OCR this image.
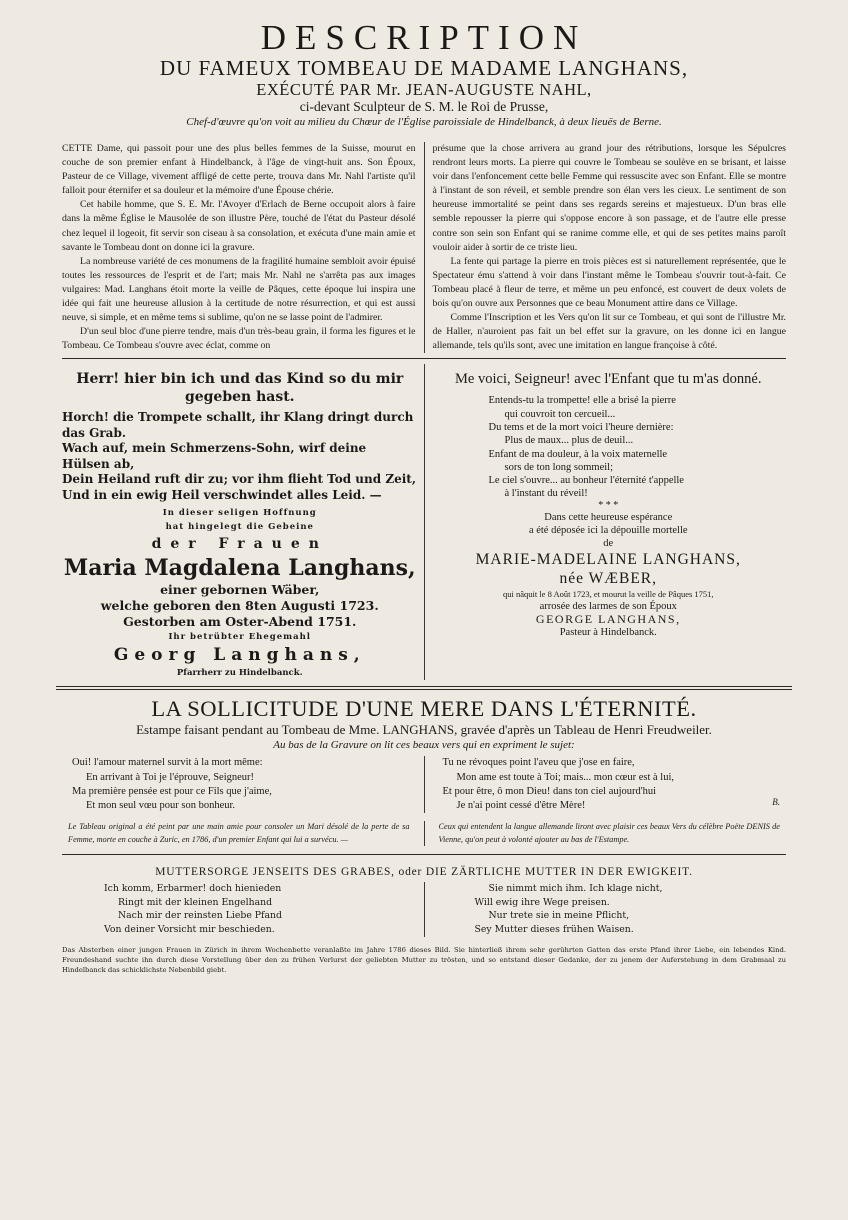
DESCRIPTION
DU FAMEUX TOMBEAU DE MADAME LANGHANS,
EXÉCUTÉ PAR Mr. JEAN-AUGUSTE NAHL,
ci-devant Sculpteur de S. M. le Roi de Prusse,
Chef-d'œuvre qu'on voit au milieu du Chœur de l'Église paroissiale de Hindelbanck, à deux lieuës de Berne.

CETTE Dame, qui passoit pour une des plus belles femmes de la Suisse, mourut en couche de son premier enfant à Hindelbanck, à l'âge de vingt-huit ans. Son Époux, Pasteur de ce Village, vivement affligé de cette perte, trouva dans Mr. Nahl l'artiste qu'il falloit pour éternifer et sa douleur et la mémoire d'une Épouse chérie.

Cet habile homme, que S. E. Mr. l'Avoyer d'Erlach de Berne occupoit alors à faire dans la même Église le Mausolée de son illustre Père, touché de l'état du Pasteur désolé chez lequel il logeoit, fit servir son ciseau à sa consolation, et exécuta d'une main amie et savante le Tombeau dont on donne ici la gravure.

La nombreuse variété de ces monumens de la fragilité humaine sembloit avoir épuisé toutes les ressources de l'esprit et de l'art; mais Mr. Nahl ne s'arrêta pas aux images vulgaires: Mad. Langhans étoit morte la veille de Pâques, cette époque lui inspira une idée qui fait une heureuse allusion à la certitude de notre résurrection, et qui est aussi neuve, si simple, et en même tems si sublime, qu'on ne se lasse point de l'admirer.

D'un seul bloc d'une pierre tendre, mais d'un très-beau grain, il forma les figures et le Tombeau. Ce Tombeau s'ouvre avec éclat, comme on

présume que la chose arrivera au grand jour des rétributions, lorsque les Sépulcres rendront leurs morts. La pierre qui couvre le Tombeau se soulève en se brisant, et laisse voir dans l'enfoncement cette belle Femme qui ressuscite avec son Enfant. Elle se montre à l'instant de son réveil, et semble prendre son élan vers les cieux. Le sentiment de son heureuse immortalité se peint dans ses regards sereins et majestueux. D'un bras elle semble repousser la pierre qui s'oppose encore à son passage, et de l'autre elle presse contre son sein son Enfant qui se ranime comme elle, et qui de ses petites mains paroît vouloir aider à sortir de ce triste lieu.

La fente qui partage la pierre en trois pièces est si naturellement représentée, que le Spectateur ému s'attend à voir dans l'instant même le Tombeau s'ouvrir tout-à-fait. Ce Tombeau placé à fleur de terre, et même un peu enfoncé, est couvert de deux volets de bois qu'on ouvre aux Personnes que ce beau Monument attire dans ce Village.

Comme l'Inscription et les Vers qu'on lit sur ce Tombeau, et qui sont de l'illustre Mr. de Haller, n'auroient pas fait un bel effet sur la gravure, on les donne ici en langue allemande, tels qu'ils sont, avec une imitation en langue françoise à côté.

Herr! hier bin ich und das Kind so du mir gegeben hast.
Horch! die Trompete schallt, ihr Klang dringt durch das Grab.
Wach auf, mein Schmerzens-Sohn, wirf deine Hülsen ab,
Dein Heiland ruft dir zu; vor ihm flieht Tod und Zeit,
Und in ein ewig Heil verschwindet alles Leid. —
In dieser seligen Hoffnung
hat hingelegt die Gebeine
der Frauen
Maria Magdalena Langhans,
einer gebornen Wäber,
welche geboren den 8ten Augusti 1723.
Gestorben am Oster-Abend 1751.
Ihr betrübter Ehegemahl
Georg Langhans,
Pfarrherr zu Hindelbanck.
Me voici, Seigneur! avec l'Enfant que tu m'as donné.
Entends-tu la trompette! elle a brisé la pierre
qui couvroit ton cercueil...
Du tems et de la mort voici l'heure dernière:
Plus de maux... plus de deuil...
Enfant de ma douleur, à la voix maternelle
sors de ton long sommeil;
Le ciel s'ouvre... au bonheur l'éternité t'appelle
à l'instant du réveil!
* * *
Dans cette heureuse espérance
a été déposée ici la dépouille mortelle
de
MARIE-MADELAINE LANGHANS,
née WÆBER,
qui nâquit le 8 Août 1723, et mourut la veille de Pâques 1751,
arrosée des larmes de son Époux
GEORGE LANGHANS,
Pasteur à Hindelbanck.
LA SOLLICITUDE D'UNE MERE DANS L'ÉTERNITÉ.
Estampe faisant pendant au Tombeau de Mme. LANGHANS, gravée d'après un Tableau de Henri Freudweiler.
Au bas de la Gravure on lit ces beaux vers qui en expriment le sujet:
Oui! l'amour maternel survit à la mort même:
En arrivant à Toi je l'éprouve, Seigneur!
Ma première pensée est pour ce Fils que j'aime,
Et mon seul vœu pour son bonheur.
Tu ne révoques point l'aveu que j'ose en faire,
Mon ame est toute à Toi; mais... mon cœur est à lui,
Et pour être, ô mon Dieu! dans ton ciel aujourd'hui
Je n'ai point cessé d'être Mère!	B.
Le Tableau original a été peint par une main amie pour consoler un Mari désolé de la perte de sa Femme, morte en couche à Zuric, en 1786, d'un premier Enfant qui lui a survécu. —
Ceux qui entendent la langue allemande liront avec plaisir ces beaux Vers du célèbre Poëte DENIS de Vienne, qu'on peut à volonté ajouter au bas de l'Estampe.
MUTTERSORGE JENSEITS DES GRABES, oder DIE ZÄRTLICHE MUTTER IN DER EWIGKEIT.
Ich komm, Erbarmer! doch hienieden
Ringt mit der kleinen Engelhand
Nach mir der reinsten Liebe Pfand
Von deiner Vorsicht mir beschieden.
Sie nimmt mich ihm. Ich klage nicht,
Will ewig ihre Wege preisen.
Nur trete sie in meine Pflicht,
Sey Mutter dieses frühen Waisen.
Das Absterben einer jungen Frauen in Zürich in ihrem Wochenbette veranlaßte im Jahre 1786 dieses Bild. Sie hinterließ ihrem sehr gerührten Gatten das erste Pfand ihrer Liebe, ein lebendes Kind. Freundeshand suchte ihn durch diese Vorstellung über den zu frühen Verlurst der geliebten Mutter zu trösten, und so entstand dieser Gedanke, der zu jenem der Auferstehung in dem Grabmaal zu Hindelbanck das schicklichste Nebenbild giebt.
